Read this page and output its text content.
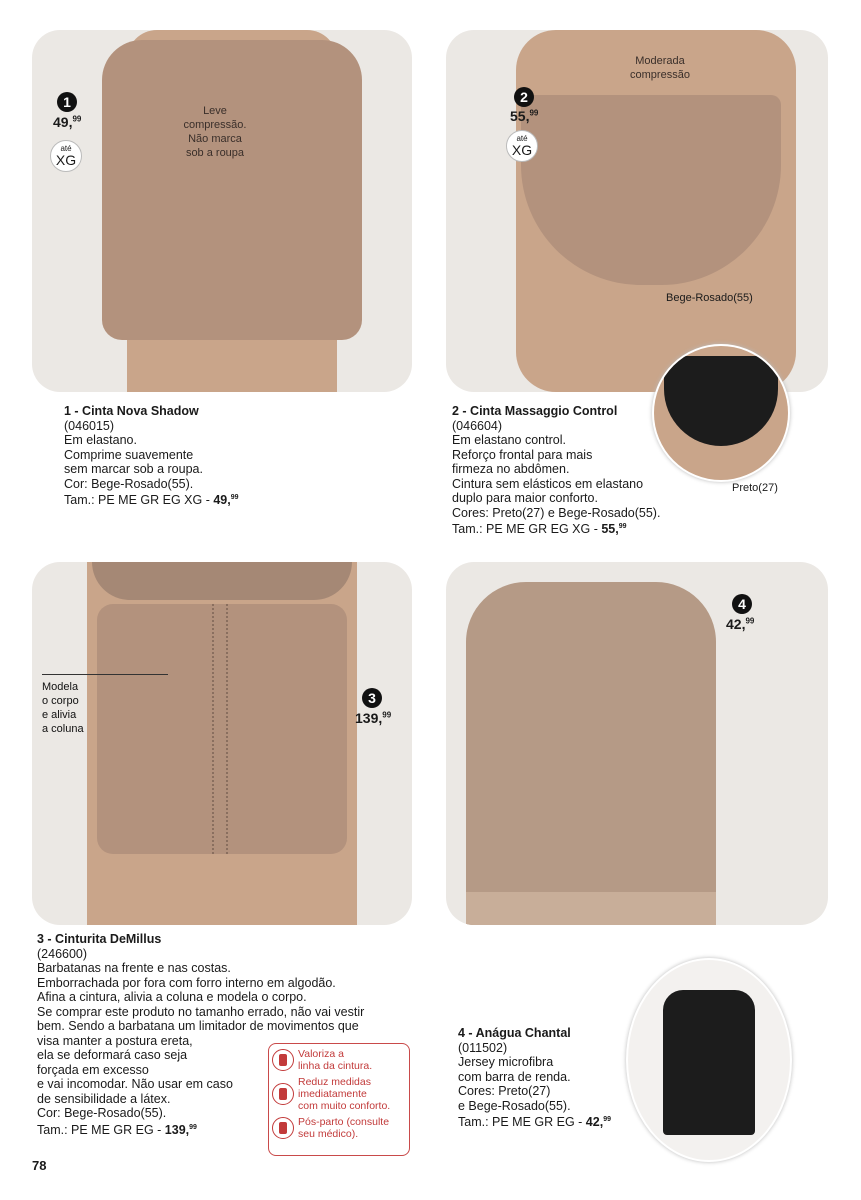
1
49,99
até
XG
Leve
compressão.
Não marca
sob a roupa
1 - Cinta Nova Shadow
(046015)
Em elastano.
Comprime suavemente
sem marcar sob a roupa.
Cor: Bege-Rosado(55).
Tam.: PE ME GR EG XG - 49,99
2
55,99
até
XG
Moderada
compressão
Bege-Rosado(55)
Preto(27)
2 - Cinta Massaggio Control
(046604)
Em elastano control.
Reforço frontal para mais
firmeza no abdômen.
Cintura sem elásticos em elastano
duplo para maior conforto.
Cores: Preto(27) e Bege-Rosado(55).
Tam.: PE ME GR EG XG - 55,99
Modela
o corpo
e alivia
a coluna
3
139,99
3 - Cinturita DeMillus
(246600)
Barbatanas na frente e nas costas.
Emborrachada por fora com forro interno em algodão.
Afina a cintura, alivia a coluna e modela o corpo.
Se comprar este produto no tamanho errado, não vai vestir
bem. Sendo a barbatana um limitador de movimentos que
visa manter a postura ereta,
ela se deformará caso seja
forçada em excesso
e vai incomodar. Não usar em caso
de sensibilidade a látex.
Cor: Bege-Rosado(55).
Tam.: PE ME GR EG - 139,99
Valoriza a
linha da cintura.
Reduz medidas
imediatamente
com muito conforto.
Pós-parto (consulte
seu médico).
4
42,99
4 - Anágua Chantal
(011502)
Jersey microfibra
com barra de renda.
Cores: Preto(27)
e Bege-Rosado(55).
Tam.: PE ME GR EG - 42,99
78
